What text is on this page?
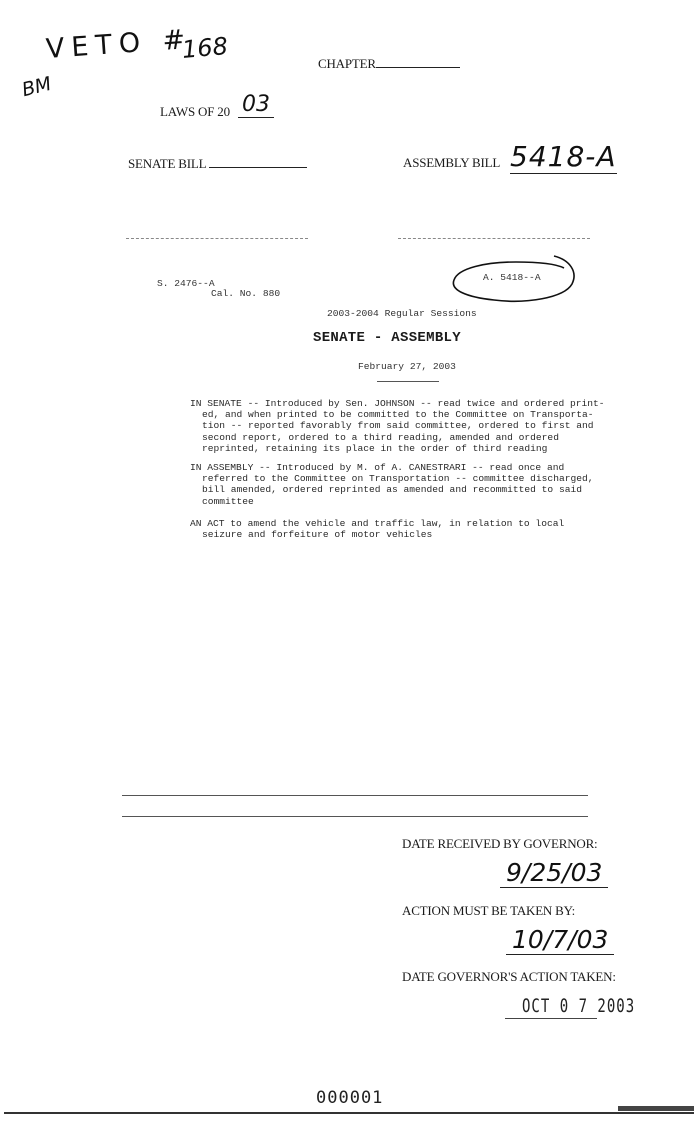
VETO #
168
BM
CHAPTER
LAWS OF 20 03
SENATE BILL	ASSEMBLY BILL 5418-A
S. 2476--A
Cal. No. 880
A. 5418--A
2003-2004 Regular Sessions
SENATE - ASSEMBLY
February 27, 2003
IN SENATE -- Introduced by Sen. JOHNSON -- read twice and ordered print-
ed, and when printed to be committed to the Committee on Transporta-
tion -- reported favorably from said committee, ordered to first and
second report, ordered to a third reading, amended and ordered
reprinted, retaining its place in the order of third reading
IN ASSEMBLY -- Introduced by M. of A. CANESTRARI -- read once and
referred to the Committee on Transportation -- committee discharged,
bill amended, ordered reprinted as amended and recommitted to said
committee
AN ACT to amend the vehicle and traffic law, in relation to local
seizure and forfeiture of motor vehicles
DATE RECEIVED BY GOVERNOR:
9/25/03
ACTION MUST BE TAKEN BY:
10/7/03
DATE GOVERNOR'S ACTION TAKEN:
OCT 0 7 2003
000001
